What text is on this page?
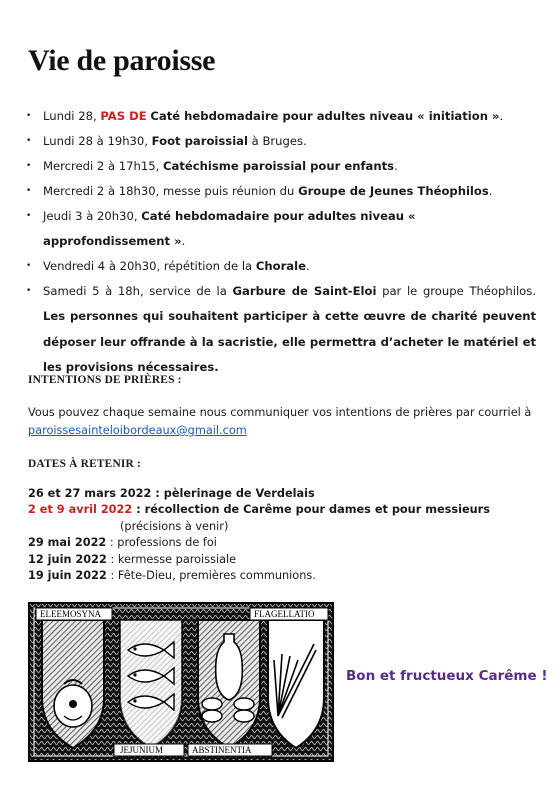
Vie de paroisse
• Lundi 28, PAS DE Caté hebdomadaire pour adultes niveau « initiation ».
• Lundi 28 à 19h30, Foot paroissial à Bruges.
• Mercredi 2 à 17h15, Catéchisme paroissial pour enfants.
• Mercredi 2 à 18h30, messe puis réunion du Groupe de Jeunes Théophilos.
• Jeudi 3 à 20h30, Caté hebdomadaire pour adultes niveau « approfondissement ».
• Vendredi 4 à 20h30, répétition de la Chorale.
• Samedi 5 à 18h, service de la Garbure de Saint-Eloi par le groupe Théophilos. Les personnes qui souhaitent participer à cette œuvre de charité peuvent déposer leur offrande à la sacristie, elle permettra d’acheter le matériel et les provisions nécessaires.
INTENTIONS DE PRIÈRES :
Vous pouvez chaque semaine nous communiquer vos intentions de prières par courriel à paroissesainteloibordeaux@gmail.com
DATES À RETENIR :
26 et 27 mars 2022 : pèlerinage de Verdelais
2 et 9 avril 2022 : récollection de Carême pour dames et pour messieurs
(précisions à venir)
29 mai 2022 : professions de foi
12 juin 2022 : kermesse paroissiale
19 juin 2022 : Fête-Dieu, premières communions.
ELEEMOSYNA	FLAGELLATIO
JEJUNIUM	ABSTINENTIA
Bon et fructueux Carême !
